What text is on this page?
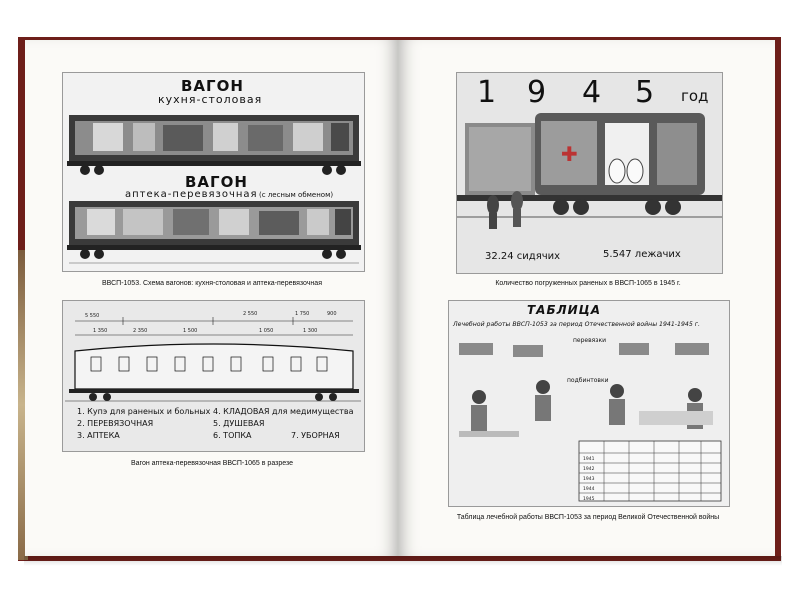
ВАГОН
кухня-столовая
ВАГОН
аптека-перевязочная (с лесным обменом)
ВВСП-1053. Схема вагонов: кухня-столовая и аптека-перевязочная
5 550	2 550	1 750	900
1 350	2 350	1 500	1 050	1 300
1. Купэ для раненых и больных
2. ПЕРЕВЯЗОЧНАЯ
3. АПТЕКА
4. КЛАДОВАЯ для медимущества
5. ДУШЕВАЯ
6. ТОПКА	7. УБОРНАЯ
Вагон аптека-перевязочная ВВСП-1065 в разрезе
1 9 4 5 год
✚
32.24 сидячих	5.547 лежачих
Количество погруженных раненых в ВВСП-1065 в 1945 г.
ТАБЛИЦА
Лечебной работы ВВСП-1053 за период Отечественной войны 1941-1945 г.
перевязки
подбинтовки
1941
1942
1943
1944
1945
Таблица лечебной работы ВВСП-1053 за период Великой Отечественной войны
